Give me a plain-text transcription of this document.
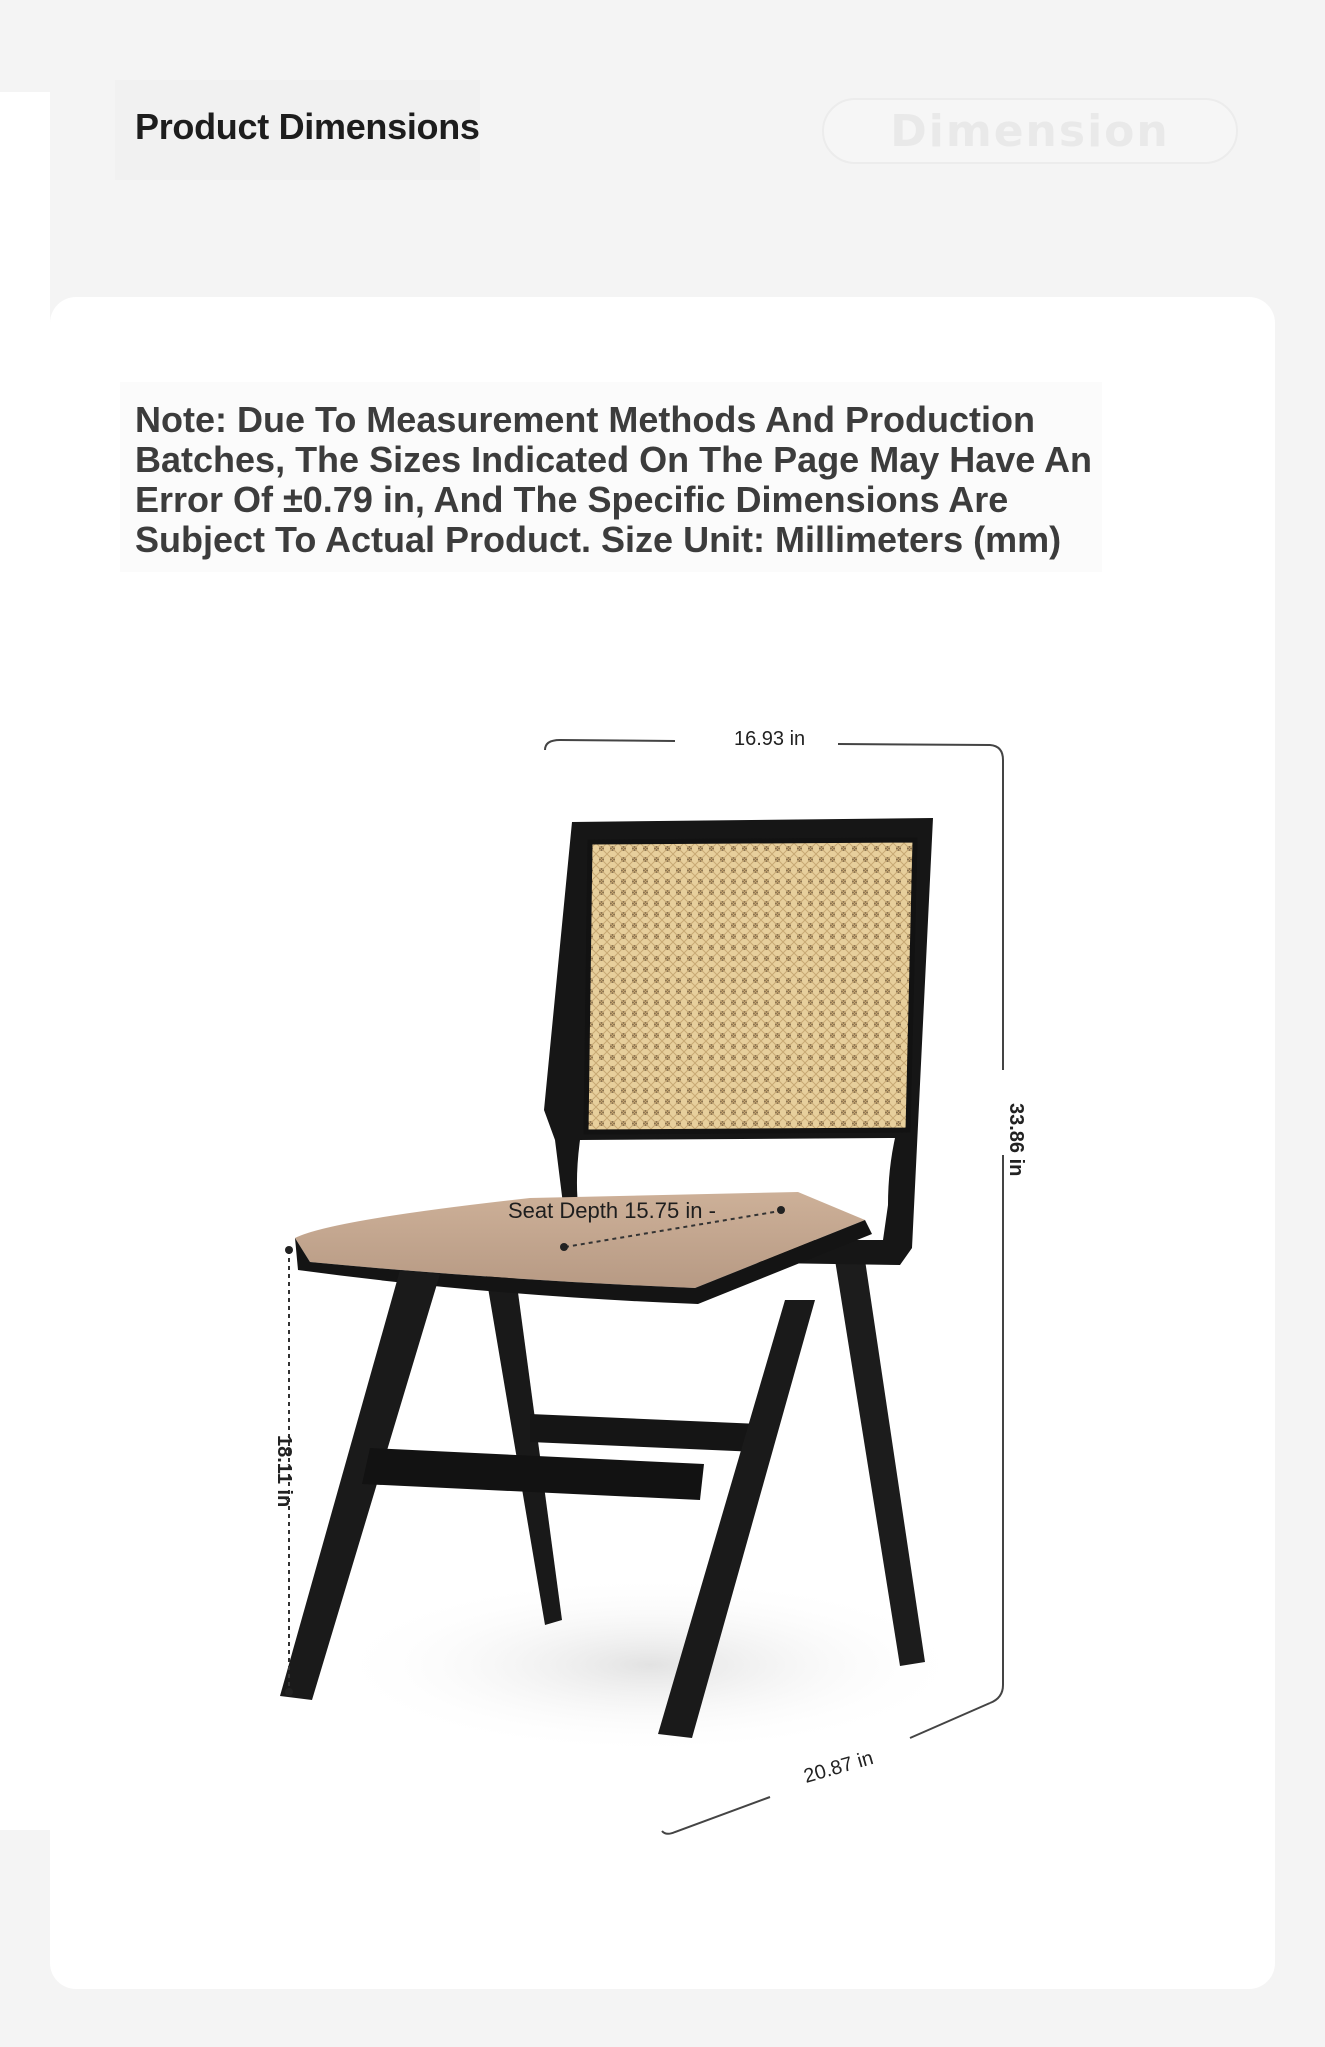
Product Dimensions	Dimension

Note: Due To Measurement Methods And Production Batches, The Sizes Indicated On The Page May Have An Error Of ±0.79 in, And The Specific Dimensions Are Subject To Actual Product. Size Unit: Millimeters (mm)

16.93 in
33.86 in
Seat Depth 15.75 in -
18.11 in
20.87 in
